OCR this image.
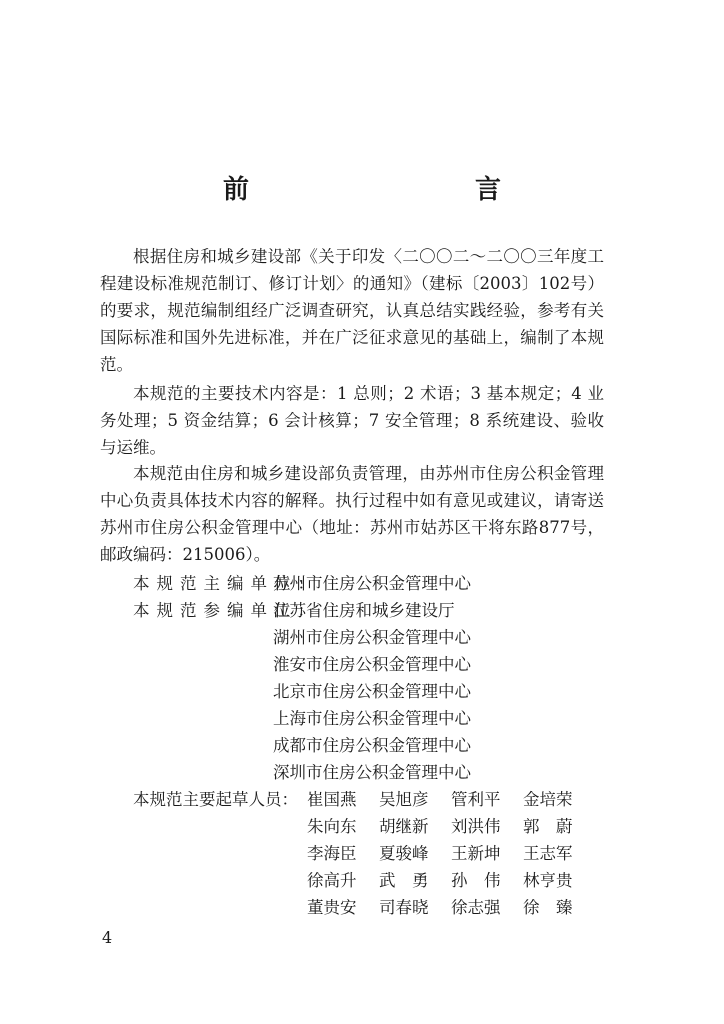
前　　言

根据住房和城乡建设部《关于印发〈二〇〇二～二〇〇三年度工程建设标准规范制订、修订计划〉的通知》（建标〔2003〕102号）的要求，规范编制组经广泛调查研究，认真总结实践经验，参考有关国际标准和国外先进标准，并在广泛征求意见的基础上，编制了本规范。

本规范的主要技术内容是：1 总则；2 术语；3 基本规定；4 业务处理；5 资金结算；6 会计核算；7 安全管理；8 系统建设、验收与运维。

本规范由住房和城乡建设部负责管理，由苏州市住房公积金管理中心负责具体技术内容的解释。执行过程中如有意见或建议，请寄送苏州市住房公积金管理中心（地址：苏州市姑苏区干将东路877号，邮政编码：215006）。

本规范主编单位：
苏州市住房公积金管理中心
本规范参编单位：
江苏省住房和城乡建设厅
湖州市住房公积金管理中心
淮安市住房公积金管理中心
北京市住房公积金管理中心
上海市住房公积金管理中心
成都市住房公积金管理中心
深圳市住房公积金管理中心
本规范主要起草人员： 崔国燕	吴旭彦	管利平	金培荣
朱向东	胡继新	刘洪伟	郭　蔚
李海臣	夏骏峰	王新坤	王志军
徐高升	武　勇	孙　伟	林亨贵
董贵安	司春晓	徐志强	徐　臻
4
